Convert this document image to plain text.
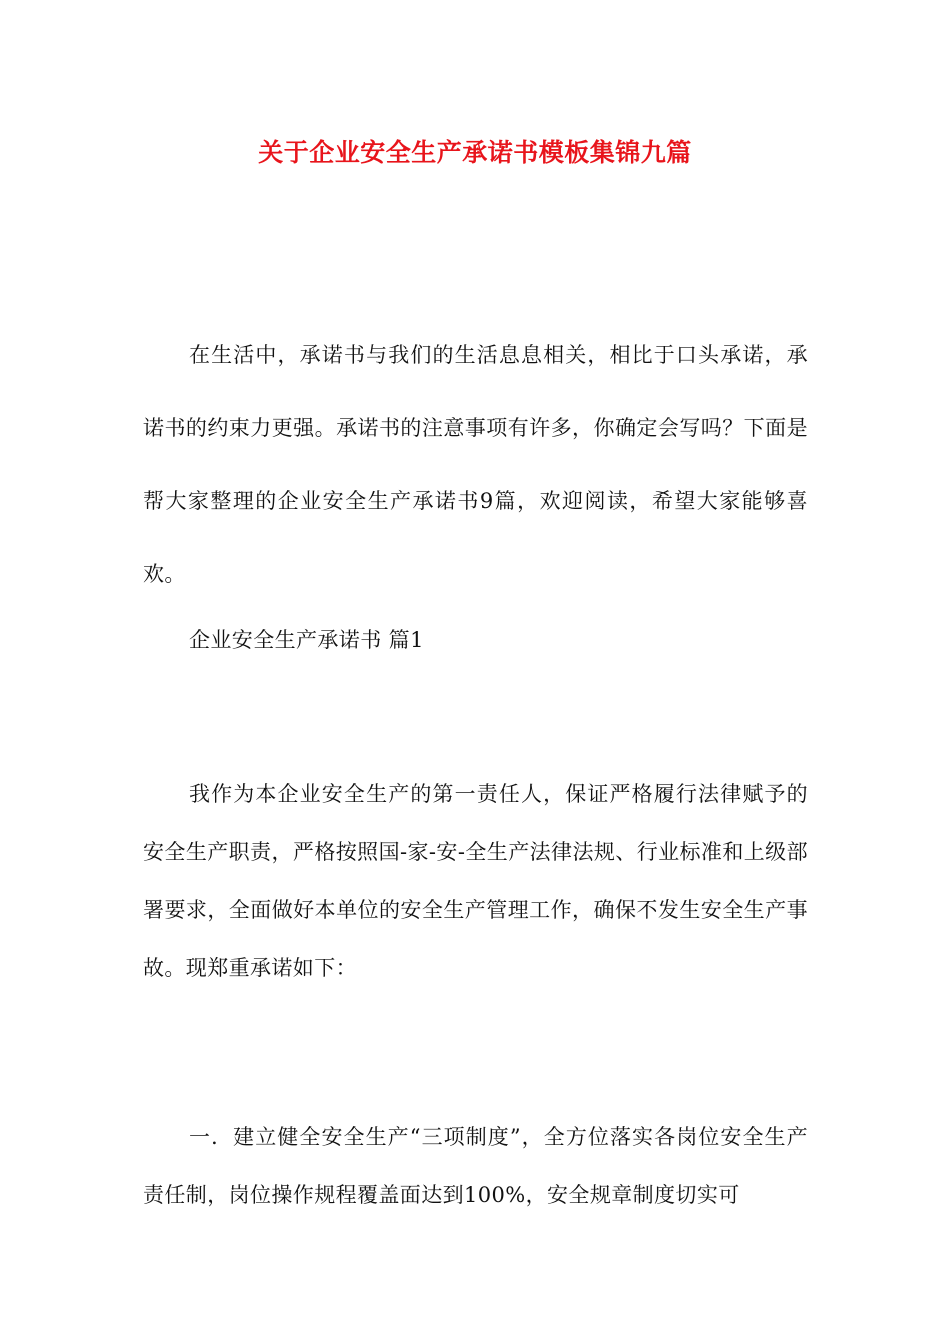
关于企业安全生产承诺书模板集锦九篇

在生活中，承诺书与我们的生活息息相关，相比于口头承诺，承诺书的约束力更强。承诺书的注意事项有许多，你确定会写吗？下面是帮大家整理的企业安全生产承诺书9篇，欢迎阅读，希望大家能够喜欢。

企业安全生产承诺书 篇1

我作为本企业安全生产的第一责任人，保证严格履行法律赋予的安全生产职责，严格按照国-家-安-全生产法律法规、行业标准和上级部署要求，全面做好本单位的安全生产管理工作，确保不发生安全生产事故。现郑重承诺如下：

一．建立健全安全生产“三项制度”，全方位落实各岗位安全生产责任制，岗位操作规程覆盖面达到100%，安全规章制度切实可
